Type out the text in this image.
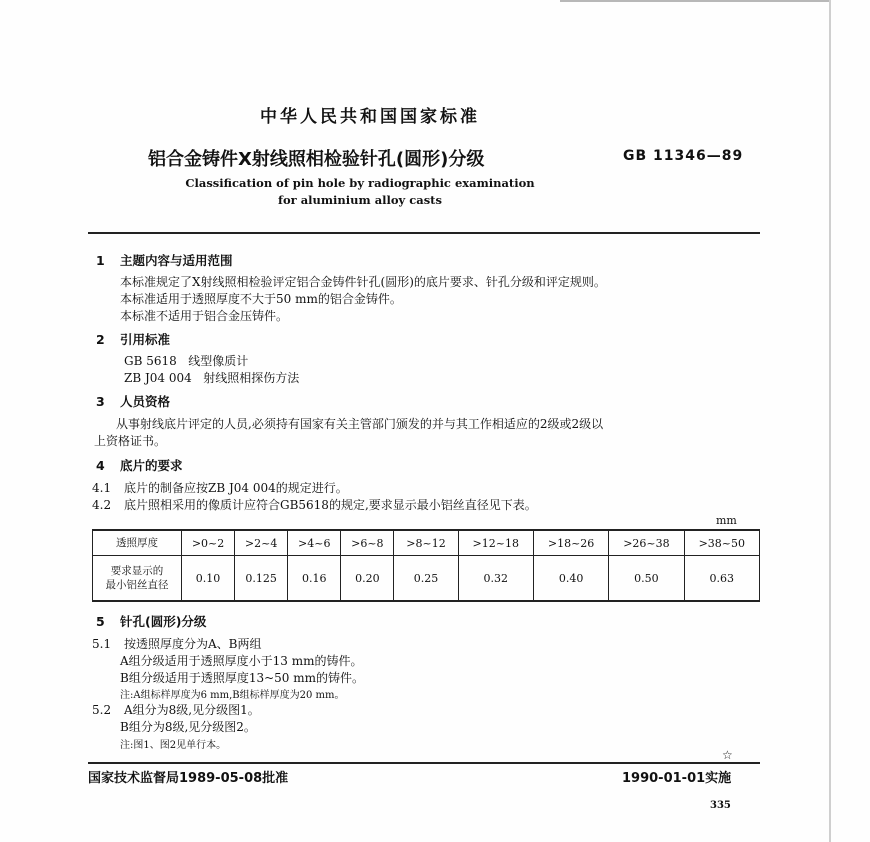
中华人民共和国国家标准
铝合金铸件X射线照相检验针孔(圆形)分级	GB 11346—89
Classification of pin hole by radiographic examination
for aluminium alloy casts
1 主题内容与适用范围
本标准规定了X射线照相检验评定铝合金铸件针孔(圆形)的底片要求、针孔分级和评定规则。
本标准适用于透照厚度不大于50 mm的铝合金铸件。
本标准不适用于铝合金压铸件。
2 引用标准
GB 5618   线型像质计
ZB J04 004   射线照相探伤方法
3 人员资格
从事射线底片评定的人员,必须持有国家有关主管部门颁发的并与其工作相适应的2级或2级以
上资格证书。
4 底片的要求
4.1 底片的制备应按ZB J04 004的规定进行。
4.2 底片照相采用的像质计应符合GB5618的规定,要求显示最小铝丝直径见下表。
mm
透照厚度	>0~2	>2~4	>4~6	>6~8	>8~12	>12~18	>18~26	>26~38	>38~50

要求显示的
最小铝丝直径	0.10	0.125	0.16	0.20	0.25	0.32	0.40	0.50	0.63
5 针孔(圆形)分级
5.1 按透照厚度分为A、B两组
A组分级适用于透照厚度小于13 mm的铸件。
B组分级适用于透照厚度13~50 mm的铸件。
注:A组标样厚度为6 mm,B组标样厚度为20 mm。
5.2 A组分为8级,见分级图1。
B组分为8级,见分级图2。
注:图1、图2见单行本。
☆
国家技术监督局1989-05-08批准	1990-01-01实施
335
